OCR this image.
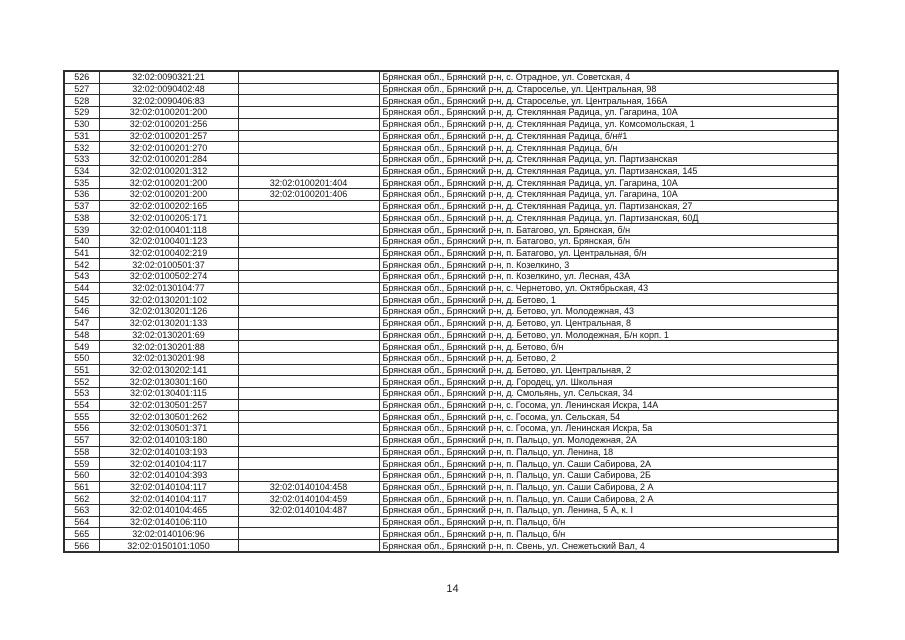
526	32:02:0090321:21		Брянская обл., Брянский р-н, с. Отрадное, ул. Советская, 4
527	32:02:0090402:48		Брянская обл., Брянский р-н, д. Староселье, ул. Центральная, 98
528	32:02:0090406:83		Брянская обл., Брянский р-н, д. Староселье, ул. Центральная, 166А
529	32:02:0100201:200		Брянская обл., Брянский р-н, д. Стеклянная Радица, ул. Гагарина, 10А
530	32:02:0100201:256		Брянская обл., Брянский р-н, д. Стеклянная Радица, ул. Комсомольская, 1
531	32:02:0100201:257		Брянская обл., Брянский р-н, д. Стеклянная Радица, б/н#1
532	32:02:0100201:270		Брянская обл., Брянский р-н, д. Стеклянная Радица, б/н
533	32:02:0100201:284		Брянская обл., Брянский р-н, д. Стеклянная Радица, ул. Партизанская
534	32:02:0100201:312		Брянская обл., Брянский р-н, д. Стеклянная Радица, ул. Партизанская, 145
535	32:02:0100201:200	32:02:0100201:404	Брянская обл., Брянский р-н, д. Стеклянная Радица, ул. Гагарина, 10А
536	32:02:0100201:200	32:02:0100201:406	Брянская обл., Брянский р-н, д. Стеклянная Радица, ул. Гагарина, 10А
537	32:02:0100202:165		Брянская обл., Брянский р-н, д. Стеклянная Радица, ул. Партизанская, 27
538	32:02:0100205:171		Брянская обл., Брянский р-н, д. Стеклянная Радица, ул. Партизанская, 60Д
539	32:02:0100401:118		Брянская обл., Брянский р-н, п. Батагово, ул. Брянская, б/н
540	32:02:0100401:123		Брянская обл., Брянский р-н, п. Батагово, ул. Брянская, б/н
541	32:02:0100402:219		Брянская обл., Брянский р-н, п. Батагово, ул. Центральная, б/н
542	32:02:0100501:37		Брянская обл., Брянский р-н, п. Козелкино, 3
543	32:02:0100502:274		Брянская обл., Брянский р-н, п. Козелкино, ул. Лесная, 43А
544	32:02:0130104:77		Брянская обл., Брянский р-н, с. Чернетово, ул. Октябрьская, 43
545	32:02:0130201:102		Брянская обл., Брянский р-н, д. Бетово, 1
546	32:02:0130201:126		Брянская обл., Брянский р-н, д. Бетово, ул. Молодежная, 43
547	32:02:0130201:133		Брянская обл., Брянский р-н, д. Бетово, ул. Центральная, 8
548	32:02:0130201:69		Брянская обл., Брянский р-н, д. Бетово, ул. Молодежная, Б/н корп. 1
549	32:02:0130201:88		Брянская обл., Брянский р-н, д. Бетово, б/н
550	32:02:0130201:98		Брянская обл., Брянский р-н, д. Бетово, 2
551	32:02:0130202:141		Брянская обл., Брянский р-н, д. Бетово, ул. Центральная, 2
552	32:02:0130301:160		Брянская обл., Брянский р-н, д. Городец, ул. Школьная
553	32:02:0130401:115		Брянская обл., Брянский р-н, д. Смольянь, ул. Сельская, 34
554	32:02:0130501:257		Брянская обл., Брянский р-н, с. Госома, ул. Ленинская Искра, 14А
555	32:02:0130501:262		Брянская обл., Брянский р-н, с. Госома, ул. Сельская, 54
556	32:02:0130501:371		Брянская обл., Брянский р-н, с. Госома, ул. Ленинская Искра, 5а
557	32:02:0140103:180		Брянская обл., Брянский р-н, п. Пальцо, ул. Молодежная, 2А
558	32:02:0140103:193		Брянская обл., Брянский р-н, п. Пальцо, ул. Ленина, 18
559	32:02:0140104:117		Брянская обл., Брянский р-н, п. Пальцо, ул. Саши Сабирова, 2А
560	32:02:0140104:393		Брянская обл., Брянский р-н, п. Пальцо, ул. Саши Сабирова, 2Б
561	32:02:0140104:117	32:02:0140104:458	Брянская обл., Брянский р-н, п. Пальцо, ул. Саши Сабирова, 2 А
562	32:02:0140104:117	32:02:0140104:459	Брянская обл., Брянский р-н, п. Пальцо, ул. Саши Сабирова, 2 А
563	32:02:0140104:465	32:02:0140104:487	Брянская обл., Брянский р-н, п. Пальцо, ул. Ленина, 5 А, к. I
564	32:02:0140106:110		Брянская обл., Брянский р-н, п. Пальцо, б/н
565	32:02:0140106:96		Брянская обл., Брянский р-н, п. Пальцо, б/н
566	32:02:0150101:1050		Брянская обл., Брянский р-н, п. Свень, ул. Снежетьский Вал, 4
14
